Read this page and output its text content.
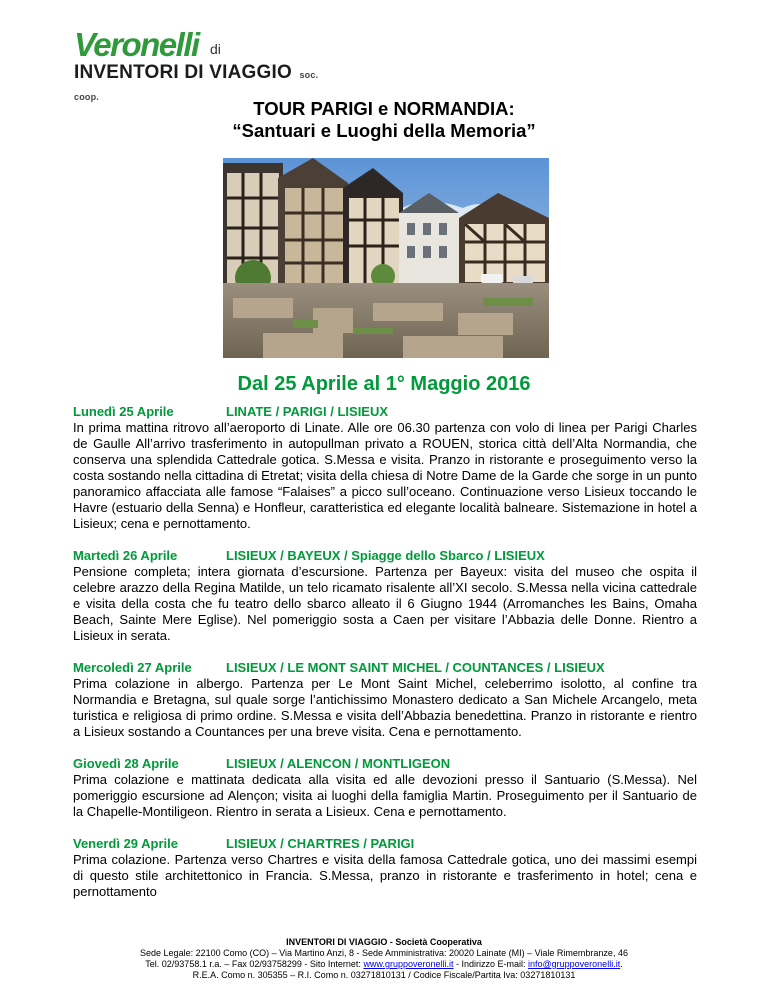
Veronelli di
INVENTORI DI VIAGGIO soc. coop.
TOUR PARIGI e NORMANDIA:
“Santuari e Luoghi della Memoria”
Dal 25 Aprile al 1° Maggio 2016
Lunedì 25 Aprile	LINATE / PARIGI / LISIEUX

In prima mattina ritrovo all’aeroporto di Linate. Alle ore 06.30 partenza con volo di linea per Parigi Charles de Gaulle All’arrivo trasferimento in autopullman privato a ROUEN, storica città dell’Alta Normandia, che conserva una splendida Cattedrale gotica. S.Messa e visita. Pranzo in ristorante e proseguimento verso la costa sostando nella cittadina di Etretat; visita della chiesa di Notre Dame de la Garde che sorge in un punto panoramico affacciata alle famose “Falaises” a picco sull’oceano. Continuazione verso Lisieux toccando le Havre (estuario della Senna) e Honfleur, caratteristica ed elegante località balneare. Sistemazione in hotel a Lisieux; cena e pernottamento.

Martedì 26 Aprile	LISIEUX / BAYEUX / Spiagge dello Sbarco / LISIEUX

Pensione completa; intera giornata d’escursione. Partenza per Bayeux: visita del museo che ospita il celebre arazzo della Regina Matilde, un telo ricamato risalente all’XI secolo. S.Messa nella vicina cattedrale e visita della costa che fu teatro dello sbarco alleato il 6 Giugno 1944 (Arromanches les Bains, Omaha Beach, Sainte Mere Eglise). Nel pomeriggio sosta a Caen per visitare l’Abbazia delle Donne. Rientro a Lisieux in serata.

Mercoledì 27 Aprile	LISIEUX / LE MONT SAINT MICHEL / COUNTANCES / LISIEUX

Prima colazione in albergo. Partenza per Le Mont Saint Michel, celeberrimo isolotto, al confine tra Normandia e Bretagna, sul quale sorge l’antichissimo Monastero dedicato a San Michele Arcangelo, meta turistica e religiosa di primo ordine. S.Messa e visita dell’Abbazia benedettina. Pranzo in ristorante e rientro a Lisieux sostando a Countances per una breve visita. Cena e pernottamento.

Giovedì 28 Aprile	LISIEUX / ALENCON / MONTLIGEON

Prima colazione e mattinata dedicata alla visita ed alle devozioni presso il Santuario (S.Messa). Nel pomeriggio escursione ad Alençon; visita ai luoghi della famiglia Martin. Proseguimento per il Santuario de la Chapelle-Montiligeon. Rientro in serata a Lisieux. Cena e pernottamento.

Venerdì 29 Aprile	LISIEUX / CHARTRES / PARIGI

Prima colazione. Partenza verso Chartres e visita della famosa Cattedrale gotica, uno dei massimi esempi di questo stile architettonico in Francia. S.Messa, pranzo in ristorante e trasferimento in hotel; cena e pernottamento

INVENTORI DI VIAGGIO - Società Cooperativa
Sede Legale: 22100 Como (CO) – Via Martino Anzi, 8 - Sede Amministrativa: 20020 Lainate (MI) – Viale Rimembranze, 46
Tel. 02/93758.1 r.a. – Fax 02/93758299 - Sito Internet: www.gruppoveronelli.it - Indirizzo E-mail: info@gruppoveronelli.it.
R.E.A. Como n. 305355 – R.I. Como n. 03271810131 / Codice Fiscale/Partita Iva: 03271810131
